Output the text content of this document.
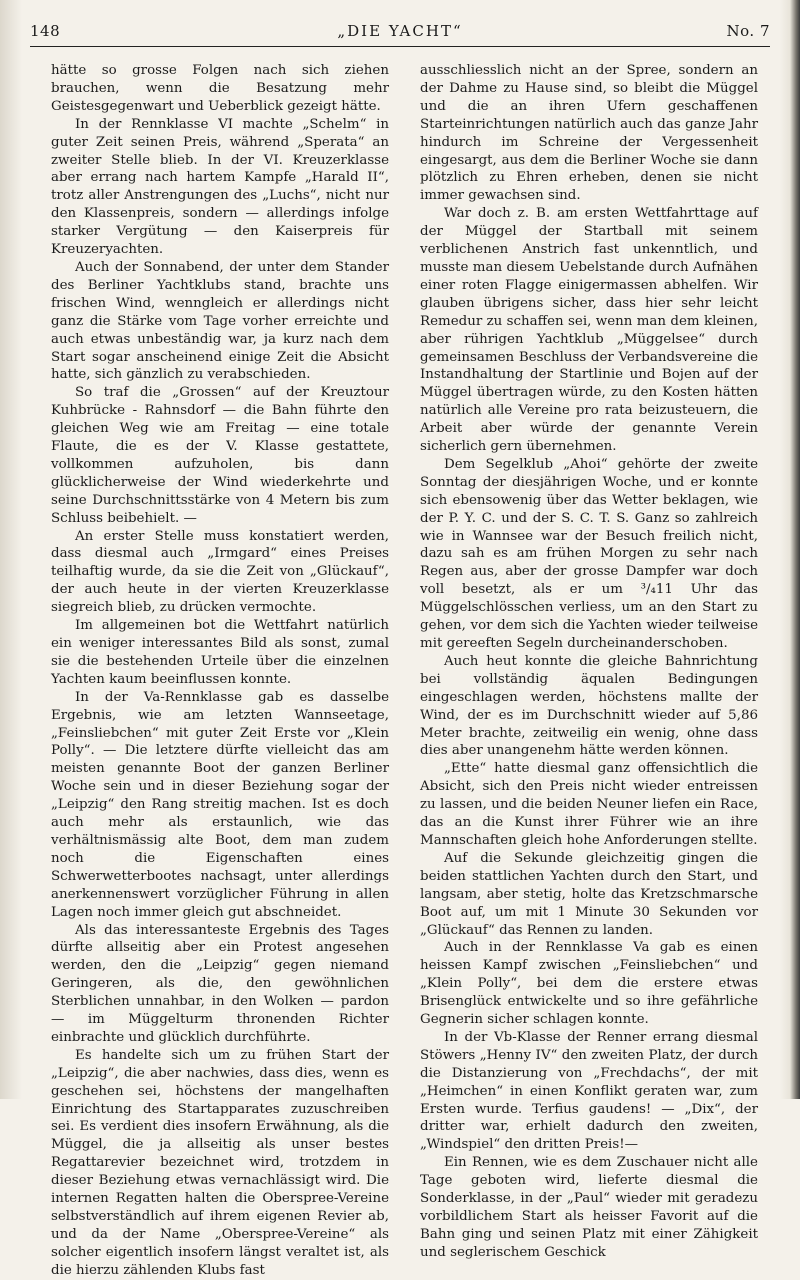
148	„DIE YACHT“	No. 7

hätte so grosse Folgen nach sich ziehen brauchen, wenn die Besatzung mehr Geistesgegenwart und Ueberblick gezeigt hätte.

In der Rennklasse VI machte „Schelm“ in guter Zeit seinen Preis, während „Sperata“ an zweiter Stelle blieb. In der VI. Kreuzerklasse aber errang nach hartem Kampfe „Harald II“, trotz aller Anstrengungen des „Luchs“, nicht nur den Klassenpreis, sondern — allerdings infolge starker Vergütung — den Kaiserpreis für Kreuzeryachten.

Auch der Sonnabend, der unter dem Stander des Berliner Yachtklubs stand, brachte uns frischen Wind, wenngleich er allerdings nicht ganz die Stärke vom Tage vorher erreichte und auch etwas unbeständig war, ja kurz nach dem Start sogar anscheinend einige Zeit die Absicht hatte, sich gänzlich zu verabschieden.

So traf die „Grossen“ auf der Kreuztour Kuhbrücke - Rahnsdorf — die Bahn führte den gleichen Weg wie am Freitag — eine totale Flaute, die es der V. Klasse gestattete, vollkommen aufzuholen, bis dann glücklicherweise der Wind wiederkehrte und seine Durchschnittsstärke von 4 Metern bis zum Schluss beibehielt. —

An erster Stelle muss konstatiert werden, dass diesmal auch „Irmgard“ eines Preises teilhaftig wurde, da sie die Zeit von „Glückauf“, der auch heute in der vierten Kreuzerklasse siegreich blieb, zu drücken vermochte.

Im allgemeinen bot die Wettfahrt natürlich ein weniger interessantes Bild als sonst, zumal sie die bestehenden Urteile über die einzelnen Yachten kaum beeinflussen konnte.

In der Va-Rennklasse gab es dasselbe Ergebnis, wie am letzten Wannseetage, „Feinsliebchen“ mit guter Zeit Erste vor „Klein Polly“. — Die letztere dürfte vielleicht das am meisten genannte Boot der ganzen Berliner Woche sein und in dieser Beziehung sogar der „Leipzig“ den Rang streitig machen. Ist es doch auch mehr als erstaunlich, wie das verhältnismässig alte Boot, dem man zudem noch die Eigenschaften eines Schwerwetterbootes nachsagt, unter allerdings anerkennenswert vorzüglicher Führung in allen Lagen noch immer gleich gut abschneidet.

Als das interessanteste Ergebnis des Tages dürfte allseitig aber ein Protest angesehen werden, den die „Leipzig“ gegen niemand Geringeren, als die, den gewöhnlichen Sterblichen unnahbar, in den Wolken — pardon — im Müggelturm thronenden Richter einbrachte und glücklich durchführte.

Es handelte sich um zu frühen Start der „Leipzig“, die aber nachwies, dass dies, wenn es geschehen sei, höchstens der mangelhaften Einrichtung des Startapparates zuzuschreiben sei. Es verdient dies insofern Erwähnung, als die Müggel, die ja allseitig als unser bestes Regattarevier bezeichnet wird, trotzdem in dieser Beziehung etwas vernachlässigt wird. Die internen Regatten halten die Oberspree-Vereine selbstverständlich auf ihrem eigenen Revier ab, und da der Name „Oberspree-Vereine“ als solcher eigentlich insofern längst veraltet ist, als die hierzu zählenden Klubs fast

ausschliesslich nicht an der Spree, sondern an der Dahme zu Hause sind, so bleibt die Müggel und die an ihren Ufern geschaffenen Starteinrichtungen natürlich auch das ganze Jahr hindurch im Schreine der Vergessenheit eingesargt, aus dem die Berliner Woche sie dann plötzlich zu Ehren erheben, denen sie nicht immer gewachsen sind.

War doch z. B. am ersten Wettfahrttage auf der Müggel der Startball mit seinem verblichenen Anstrich fast unkenntlich, und musste man diesem Uebelstande durch Aufnähen einer roten Flagge einigermassen abhelfen. Wir glauben übrigens sicher, dass hier sehr leicht Remedur zu schaffen sei, wenn man dem kleinen, aber rührigen Yachtklub „Müggelsee“ durch gemeinsamen Beschluss der Verbandsvereine die Instandhaltung der Startlinie und Bojen auf der Müggel übertragen würde, zu den Kosten hätten natürlich alle Vereine pro rata beizusteuern, die Arbeit aber würde der genannte Verein sicherlich gern übernehmen.

Dem Segelklub „Ahoi“ gehörte der zweite Sonntag der diesjährigen Woche, und er konnte sich ebensowenig über das Wetter beklagen, wie der P. Y. C. und der S. C. T. S. Ganz so zahlreich wie in Wannsee war der Besuch freilich nicht, dazu sah es am frühen Morgen zu sehr nach Regen aus, aber der grosse Dampfer war doch voll besetzt, als er um ³/₄11 Uhr das Müggelschlösschen verliess, um an den Start zu gehen, vor dem sich die Yachten wieder teilweise mit gereeften Segeln durcheinanderschoben.

Auch heut konnte die gleiche Bahnrichtung bei vollständig äqualen Bedingungen eingeschlagen werden, höchstens mallte der Wind, der es im Durchschnitt wieder auf 5,86 Meter brachte, zeitweilig ein wenig, ohne dass dies aber unangenehm hätte werden können.

„Ette“ hatte diesmal ganz offensichtlich die Absicht, sich den Preis nicht wieder entreissen zu lassen, und die beiden Neuner liefen ein Race, das an die Kunst ihrer Führer wie an ihre Mannschaften gleich hohe Anforderungen stellte.

Auf die Sekunde gleichzeitig gingen die beiden stattlichen Yachten durch den Start, und langsam, aber stetig, holte das Kretzschmarsche Boot auf, um mit 1 Minute 30 Sekunden vor „Glückauf“ das Rennen zu landen.

Auch in der Rennklasse Va gab es einen heissen Kampf zwischen „Feinsliebchen“ und „Klein Polly“, bei dem die erstere etwas Brisenglück entwickelte und so ihre gefährliche Gegnerin sicher schlagen konnte.

In der Vb-Klasse der Renner errang diesmal Stöwers „Henny IV“ den zweiten Platz, der durch die Distanzierung von „Frechdachs“, der mit „Heimchen“ in einen Konflikt geraten war, zum Ersten wurde. Terfius gaudens! — „Dix“, der dritter war, erhielt dadurch den zweiten, „Windspiel“ den dritten Preis!—

Ein Rennen, wie es dem Zuschauer nicht alle Tage geboten wird, lieferte diesmal die Sonderklasse, in der „Paul“ wieder mit geradezu vorbildlichem Start als heisser Favorit auf die Bahn ging und seinen Platz mit einer Zähigkeit und seglerischem Geschick
